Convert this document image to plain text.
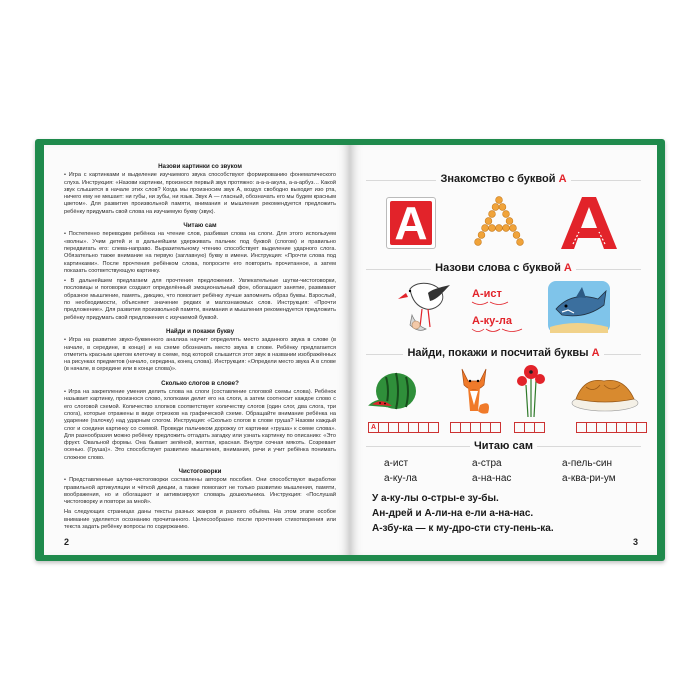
Назови картинки со звуком

• Игра с картинками и выделение изучаемого звука способствуют формированию фонематического слуха. Инструкция: «Назови картинки, произнося первый звук протяжно: а-а-а-акула, а-а-арбуз… Какой звук слышится в начале этих слов? Когда мы произносим звук А, воздух свободно выходит изо рта, ничего ему не мешает: ни губы, ни зубы, ни язык. Звук А — гласный, обозначать его мы будем красным цветом». Для развития произвольной памяти, внимания и мышления рекомендуется предложить ребёнку придумать свой слова на изучаемую букву (звук).

Читаю сам

• Постепенно переводим ребёнка на чтение слов, разбивая слова на слоги. Для этого используем «волны». Учим детей и в дальнейшем удерживать пальчик под буквой (слогом) и правильно передвигать его: слева-направо. Выразительному чтению способствует выделение ударного слога. Обязательно также внимание на первую (заглавную) букву в имени. Инструкция: «Прочти слова под картинками». После прочтения ребёнком слова, попросите его повторить прочитанное, а затем показать соответствующую картинку.

• В дальнейшем предлагаем для прочтения предложения. Увлекательные шутки-чистоговорки, пословицы и поговорки создают определённый эмоциональный фон, обогащают занятие, развивают образное мышление, память, дикцию, что помогает ребёнку лучше запомнить образ буквы. Взрослый, по необходимости, объясняет значение редких и малознакомых слов. Инструкция: «Прочти предложение». Для развития произвольной памяти, внимания и мышления рекомендуется предложить ребёнку придумать свой предложения с изучаемой буквой.

Найди и покажи букву

• Игра на развитие звуко-буквенного анализа научит определять место заданного звука в слове (в начале, в середине, в конце) и на схеме обозначать место звука в слове. Ребёнку предлагается отметить красным цветом клеточку в схеме, под которой слышится этот звук в названии изображённых на рисунках предметов (начало, середина, конец слова). Инструкция: «Определи место звука А в слове (в начале, в середине или в конце слова)».

Сколько слогов в слове?

• Игра на закрепление умения делить слова на слоги (составление слоговой схемы слова). Ребёнок называет картинку, произнося слово, хлопками делит его на слоги, а затем соотносит каждое слово с его слоговой схемой. Количество хлопков соответствует количеству слогов (один слог, два слога, три слога), которые отражены в виде отрезков на графической схеме. Обращайте внимание ребёнка на ударение (галочку) над ударным слогом. Инструкция: «Сколько слогов в слове груша? Назови каждый слог и соедини картинку со схемой. Проведи пальчиком дорожку от картинки «груша» к схеме слова». Для разнообразия можно ребёнку предложить отгадать загадку или узнать картинку по описанию: «Это фрукт. Овальной формы. Она бывает зелёной, желтая, красная. Внутри сочная мякоть. Созревает осенью. (Груша)». Это способствует развитию мышления, внимания, речи и учит ребёнка понимать сложное слово.

Чистоговорки

• Представленные шутки-чистоговорки составлены автором пособия. Они способствуют выработке правильной артикуляции и чёткой дикции, а также помогают не только развитию мышления, памяти, воображения, но и обогащают и активизируют словарь дошкольника. Инструкция: «Послушай чистоговорку и повтори за мной».

На следующих страницах даны тексты разных жанров и разного объёма. На этом этапе особое внимание уделяется осознанию прочитанного. Целесообразно после прочтения стихотворения или текста задать ребёнку вопросы по содержанию.

2
Знакомство с буквой А
А
Назови слова с буквой А
А-ист
А-ку-ла
Найди, покажи и посчитай буквы А
А
Читаю сам
а-ист
а-ку-ла
а-стра
а-на-нас
а-пель-син
а-ква-ри-ум
У а-ку-лы о-стры-е зу-бы.
Ан-дрей и А-ли-на е-ли а-на-нас.
А-збу-ка — к му-дро-сти сту-пень-ка.
3
